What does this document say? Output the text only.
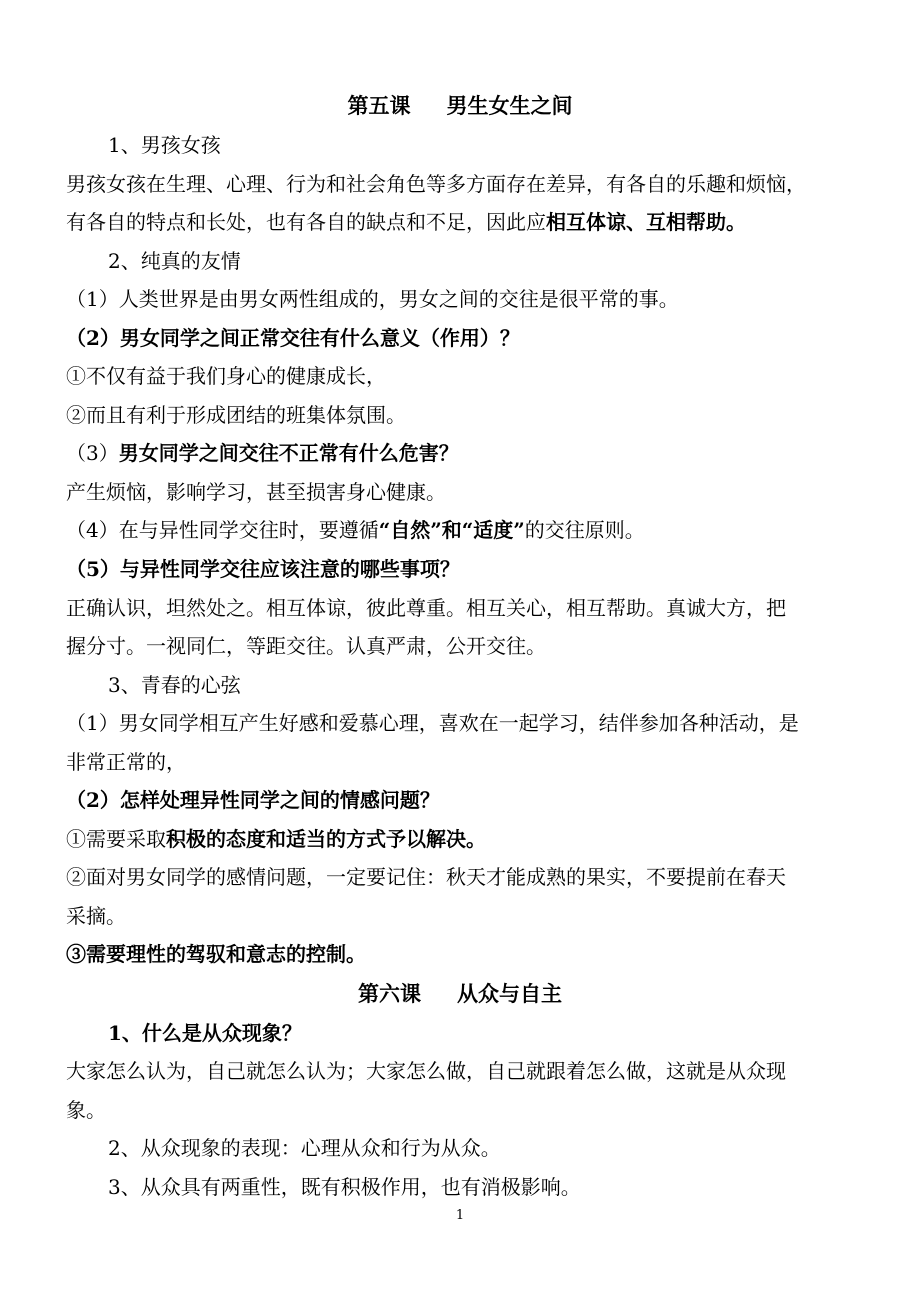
第五课 男生女生之间
1、男孩女孩
男孩女孩在生理、心理、行为和社会角色等多方面存在差异，有各自的乐趣和烦恼，
有各自的特点和长处，也有各自的缺点和不足，因此应相互体谅、互相帮助。
2、纯真的友情
（1）人类世界是由男女两性组成的，男女之间的交往是很平常的事。
（2）男女同学之间正常交往有什么意义（作用）？
①不仅有益于我们身心的健康成长，
②而且有利于形成团结的班集体氛围。
（3）男女同学之间交往不正常有什么危害？
产生烦恼，影响学习，甚至损害身心健康。
（4）在与异性同学交往时，要遵循“自然”和“适度”的交往原则。
（5）与异性同学交往应该注意的哪些事项？
正确认识，坦然处之。相互体谅，彼此尊重。相互关心，相互帮助。真诚大方，把
握分寸。一视同仁，等距交往。认真严肃，公开交往。
3、青春的心弦
（1）男女同学相互产生好感和爱慕心理，喜欢在一起学习，结伴参加各种活动，是
非常正常的，
（2）怎样处理异性同学之间的情感问题？
①需要采取积极的态度和适当的方式予以解决。
②面对男女同学的感情问题，一定要记住：秋天才能成熟的果实，不要提前在春天
采摘。
③需要理性的驾驭和意志的控制。
第六课 从众与自主
1、什么是从众现象？
大家怎么认为，自己就怎么认为；大家怎么做，自己就跟着怎么做，这就是从众现
象。
2、从众现象的表现：心理从众和行为从众。
3、从众具有两重性，既有积极作用，也有消极影响。
1
